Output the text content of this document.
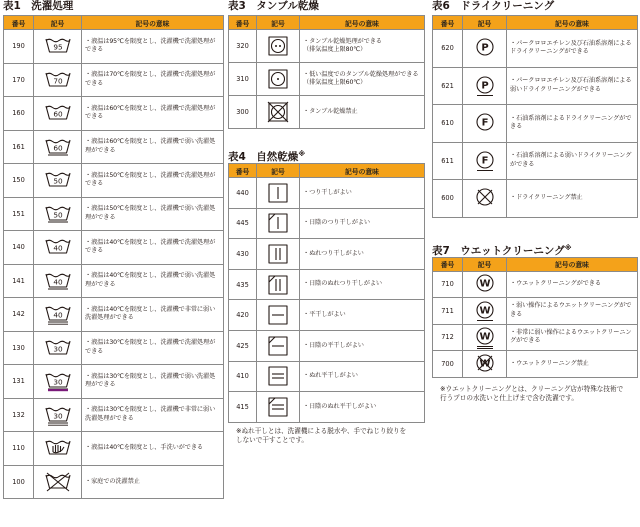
表1　洗濯処理
番号	記号	記号の意味
190	95	・液温は95℃を限度とし、洗濯機で洗濯処理ができる
170	70	・液温は70℃を限度とし、洗濯機で洗濯処理ができる
160	60	・液温は60℃を限度とし、洗濯機で洗濯処理ができる
161	60	・液温は60℃を限度とし、洗濯機で弱い洗濯処理ができる
150	50	・液温は50℃を限度とし、洗濯機で洗濯処理ができる
151	50	・液温は50℃を限度とし、洗濯機で弱い洗濯処理ができる
140	40	・液温は40℃を限度とし、洗濯機で洗濯処理ができる
141	40	・液温は40℃を限度とし、洗濯機で弱い洗濯処理ができる
142	40	・液温は40℃を限度とし、洗濯機で非常に弱い洗濯処理ができる
130	30	・液温は30℃を限度とし、洗濯機で洗濯処理ができる
131	30	・液温は30℃を限度とし、洗濯機で弱い洗濯処理ができる
132	30	・液温は30℃を限度とし、洗濯機で非常に弱い洗濯処理ができる
110		・液温は40℃を限度とし、手洗いができる
100		・家庭での洗濯禁止
表3　タンブル乾燥
番号	記号	記号の意味
320		・タンブル乾燥処理ができる
（排気温度上限80℃）
310		・低い温度でのタンブル乾燥処理ができる
（排気温度上限60℃）
300		・タンブル乾燥禁止
表4　自然乾燥※
番号	記号	記号の意味
440		・つり干しがよい
445		・日陰のつり干しがよい
430		・ぬれつり干しがよい
435		・日陰のぬれつり干しがよい
420		・平干しがよい
425		・日陰の平干しがよい
410		・ぬれ平干しがよい
415		・日陰のぬれ平干しがよい
※ぬれ干しとは、洗濯機による脱水や、手でねじり絞りをしないで干すことです。
表6　ドライクリーニング
番号	記号	記号の意味
620	P	・パークロロエチレン及び石油系溶剤によるドライクリーニングができる
621	P	・パークロロエチレン及び石油系溶剤による弱いドライクリーニングができる
610	F	・石油系溶剤によるドライクリーニングができる
611	F	・石油系溶剤による弱いドライクリーニングができる
600		・ドライクリーニング禁止
表7　ウエットクリーニング※
番号	記号	記号の意味
710	W	・ウエットクリーニングができる
711	W	・弱い操作によるウエットクリーニングができる
712	W	・非常に弱い操作によるウエットクリーニングができる
700	W	・ウエットクリーニング禁止
※ウエットクリーニングとは、クリーニング店が特殊な技術で行うプロの水洗いと仕上げまで含む洗濯です。
